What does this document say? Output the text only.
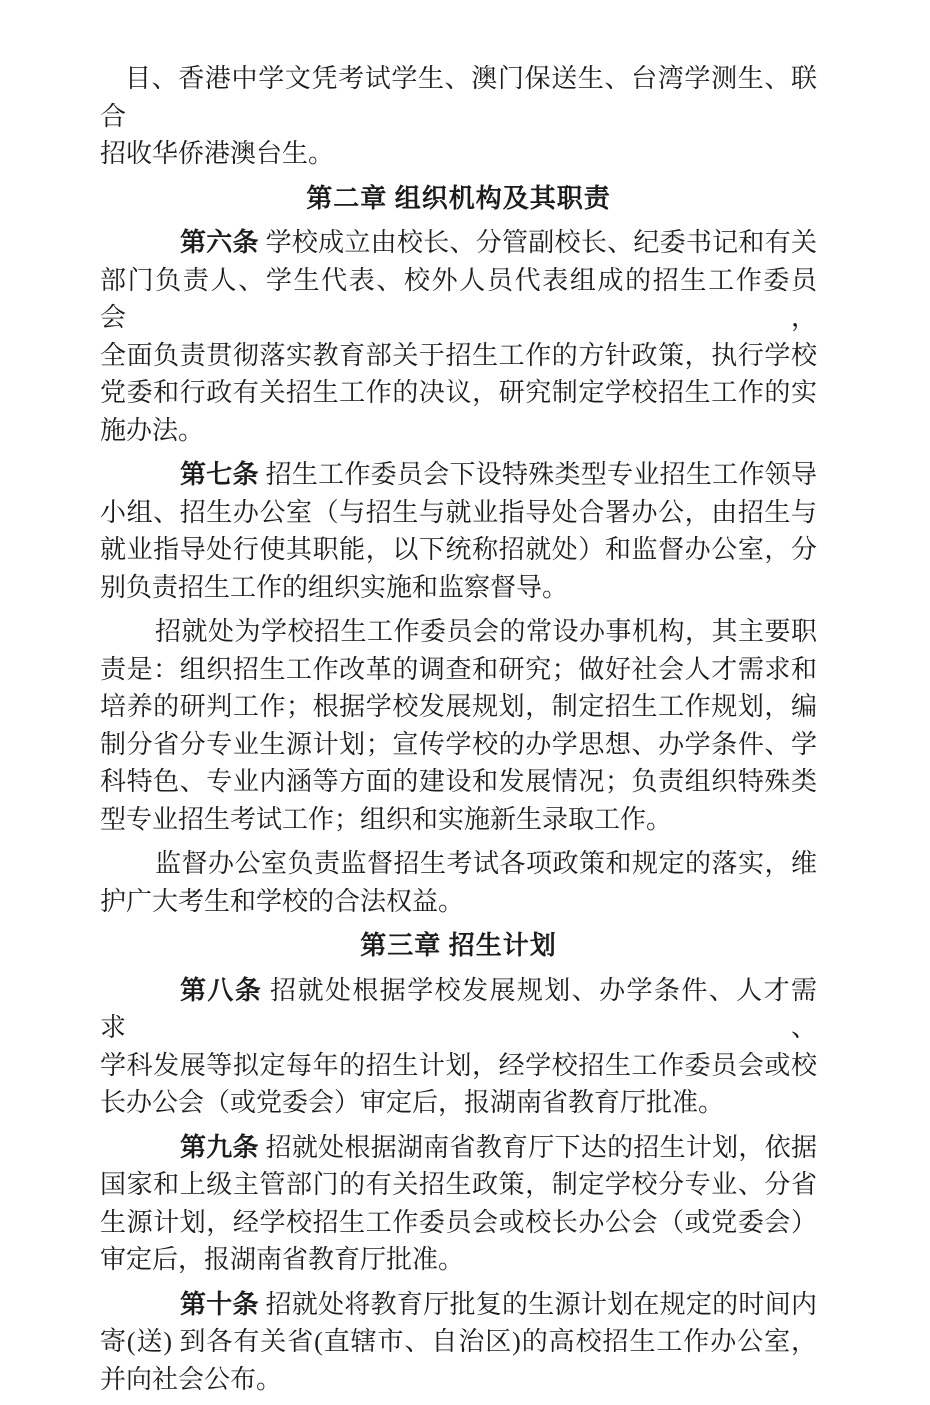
目、香港中学文凭考试学生、澳门保送生、台湾学测生、联合
招收华侨港澳台生。
第二章 组织机构及其职责
第六条 学校成立由校长、分管副校长、纪委书记和有关
部门负责人、学生代表、校外人员代表组成的招生工作委员会，
全面负责贯彻落实教育部关于招生工作的方针政策，执行学校
党委和行政有关招生工作的决议，研究制定学校招生工作的实
施办法。
第七条 招生工作委员会下设特殊类型专业招生工作领导
小组、招生办公室（与招生与就业指导处合署办公，由招生与
就业指导处行使其职能，以下统称招就处）和监督办公室，分
别负责招生工作的组织实施和监察督导。
招就处为学校招生工作委员会的常设办事机构，其主要职
责是：组织招生工作改革的调查和研究；做好社会人才需求和
培养的研判工作；根据学校发展规划，制定招生工作规划，编
制分省分专业生源计划；宣传学校的办学思想、办学条件、学
科特色、专业内涵等方面的建设和发展情况；负责组织特殊类
型专业招生考试工作；组织和实施新生录取工作。
监督办公室负责监督招生考试各项政策和规定的落实，维
护广大考生和学校的合法权益。
第三章 招生计划
第八条 招就处根据学校发展规划、办学条件、人才需求、
学科发展等拟定每年的招生计划，经学校招生工作委员会或校
长办公会（或党委会）审定后，报湖南省教育厅批准。
第九条 招就处根据湖南省教育厅下达的招生计划，依据
国家和上级主管部门的有关招生政策，制定学校分专业、分省
生源计划，经学校招生工作委员会或校长办公会（或党委会）
审定后，报湖南省教育厅批准。
第十条 招就处将教育厅批复的生源计划在规定的时间内
寄(送) 到各有关省(直辖市、自治区)的高校招生工作办公室，
并向社会公布。
